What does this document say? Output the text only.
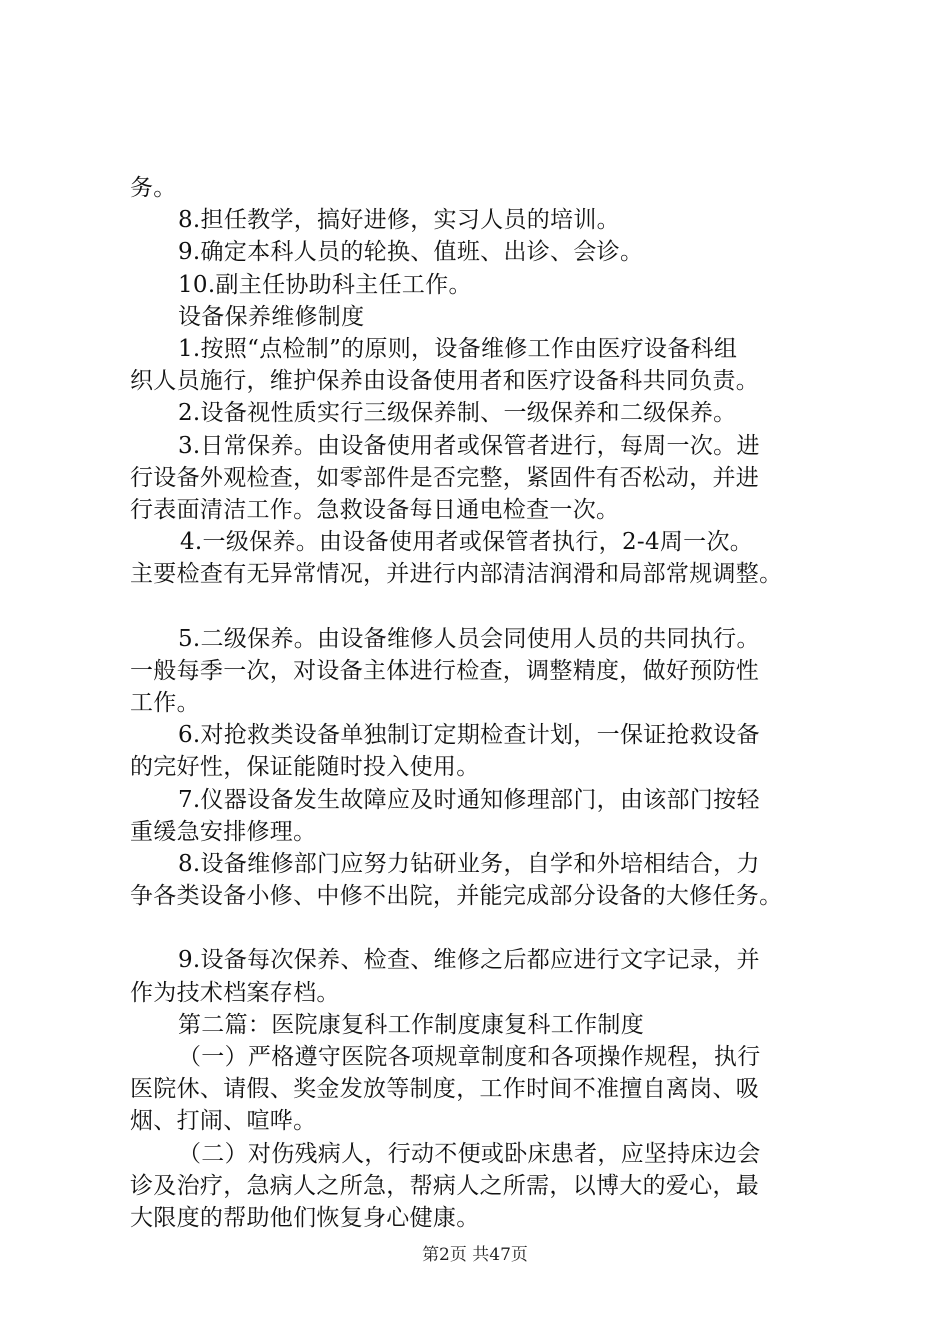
务。
8.担任教学，搞好进修，实习人员的培训。
9.确定本科人员的轮换、值班、出诊、会诊。
10.副主任协助科主任工作。
设备保养维修制度
1.按照“点检制”的原则，设备维修工作由医疗设备科组
织人员施行，维护保养由设备使用者和医疗设备科共同负责。
2.设备视性质实行三级保养制、一级保养和二级保养。
3.日常保养。由设备使用者或保管者进行，每周一次。进
行设备外观检查，如零部件是否完整，紧固件有否松动，并进
行表面清洁工作。急救设备每日通电检查一次。
4.一级保养。由设备使用者或保管者执行，2-4周一次。
主要检查有无异常情况，并进行内部清洁润滑和局部常规调整。
5.二级保养。由设备维修人员会同使用人员的共同执行。
一般每季一次，对设备主体进行检查，调整精度，做好预防性
工作。
6.对抢救类设备单独制订定期检查计划，一保证抢救设备
的完好性，保证能随时投入使用。
7.仪器设备发生故障应及时通知修理部门，由该部门按轻
重缓急安排修理。
8.设备维修部门应努力钻研业务，自学和外培相结合，力
争各类设备小修、中修不出院，并能完成部分设备的大修任务。
9.设备每次保养、检查、维修之后都应进行文字记录，并
作为技术档案存档。
第二篇：医院康复科工作制度康复科工作制度
（一）严格遵守医院各项规章制度和各项操作规程，执行
医院休、请假、奖金发放等制度，工作时间不准擅自离岗、吸
烟、打闹、喧哗。
（二）对伤残病人，行动不便或卧床患者，应坚持床边会
诊及治疗，急病人之所急，帮病人之所需，以博大的爱心，最
大限度的帮助他们恢复身心健康。
第2页 共47页
